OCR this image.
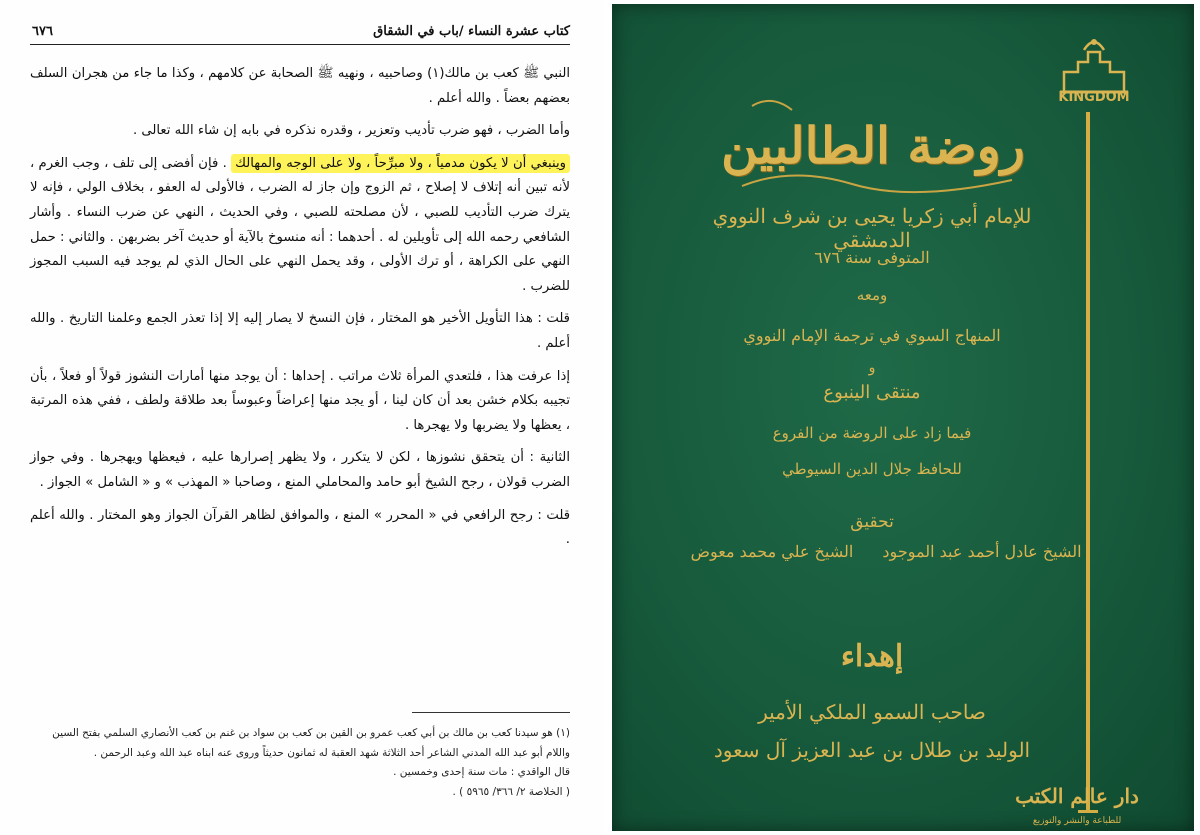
كتاب عشرة النساء /باب في الشقاق
٦٧٦

النبي ﷺ كعب بن مالك(١) وصاحبيه ، ونهيه ﷺ الصحابة عن كلامهم ، وكذا ما جاء من هجران السلف بعضهم بعضاً . والله أعلم .

وأما الضرب ، فهو ضرب تأديب وتعزير ، وقدره نذكره في بابه إن شاء الله تعالى .

وينبغي أن لا يكون مدمياً ، ولا مبرِّحاً ، ولا على الوجه والمهالك . فإن أفضى إلى تلف ، وجب الغرم ، لأنه تبين أنه إتلاف لا إصلاح ، ثم الزوج وإن جاز له الضرب ، فالأولى له العفو ، بخلاف الولي ، فإنه لا يترك ضرب التأديب للصبي ، لأن مصلحته للصبي ، وفي الحديث ، النهي عن ضرب النساء . وأشار الشافعي رحمه الله إلى تأويلين له . أحدهما : أنه منسوخ بالآية أو حديث آخر بضربهن . والثاني : حمل النهي على الكراهة ، أو ترك الأولى ، وقد يحمل النهي على الحال الذي لم يوجد فيه السبب المجوز للضرب .

قلت : هذا التأويل الأخير هو المختار ، فإن النسخ لا يصار إليه إلا إذا تعذر الجمع وعلمنا التاريخ . والله أعلم .

إذا عرفت هذا ، فلتعدي المرأة ثلاث مراتب . إحداها : أن يوجد منها أمارات النشوز قولاً أو فعلاً ، بأن تجيبه بكلام خشن بعد أن كان لينا ، أو يجد منها إعراضاً وعبوساً بعد طلاقة ولطف ، ففي هذه المرتبة ، يعظها ولا يضربها ولا يهجرها .

الثانية : أن يتحقق نشوزها ، لكن لا يتكرر ، ولا يظهر إصرارها عليه ، فيعظها ويهجرها . وفي جواز الضرب قولان ، رجح الشيخ أبو حامد والمحاملي المنع ، وصاحبا « المهذب » و « الشامل » الجواز .

قلت : رجح الرافعي في « المحرر » المنع ، والموافق لظاهر القرآن الجواز وهو المختار . والله أعلم .

(١) هو سيدنا كعب بن مالك بن أبي كعب عمرو بن القين بن كعب بن سواد بن غنم بن كعب الأنصاري السلمي بفتح السين واللام أبو عبد الله المدني الشاعر أحد الثلاثة شهد العقبة له ثمانون حديثاً وروى عنه ابناه عبد الله وعبد الرحمن .
قال الواقدي : مات سنة إحدى وخمسين .
( الخلاصة ٢/ ٣٦٦/ ٥٩٦٥ ) .
KINGDOM
روضة الطالبين
للإمام أبي زكريا يحيى بن شرف النووي الدمشقي
المتوفى سنة ٦٧٦
ومعه
المنهاج السوي في ترجمة الإمام النووي
و
منتقى الينبوع
فيما زاد على الروضة من الفروع
للحافظ جلال الدين السيوطي
تحقيق
الشيخ عادل أحمد عبد الموجود
الشيخ علي محمد معوض
إهداء
صاحب السمو الملكي الأمير
الوليد بن طلال بن عبد العزيز آل سعود
دار عالم الكتب
للطباعة والنشر والتوزيع
